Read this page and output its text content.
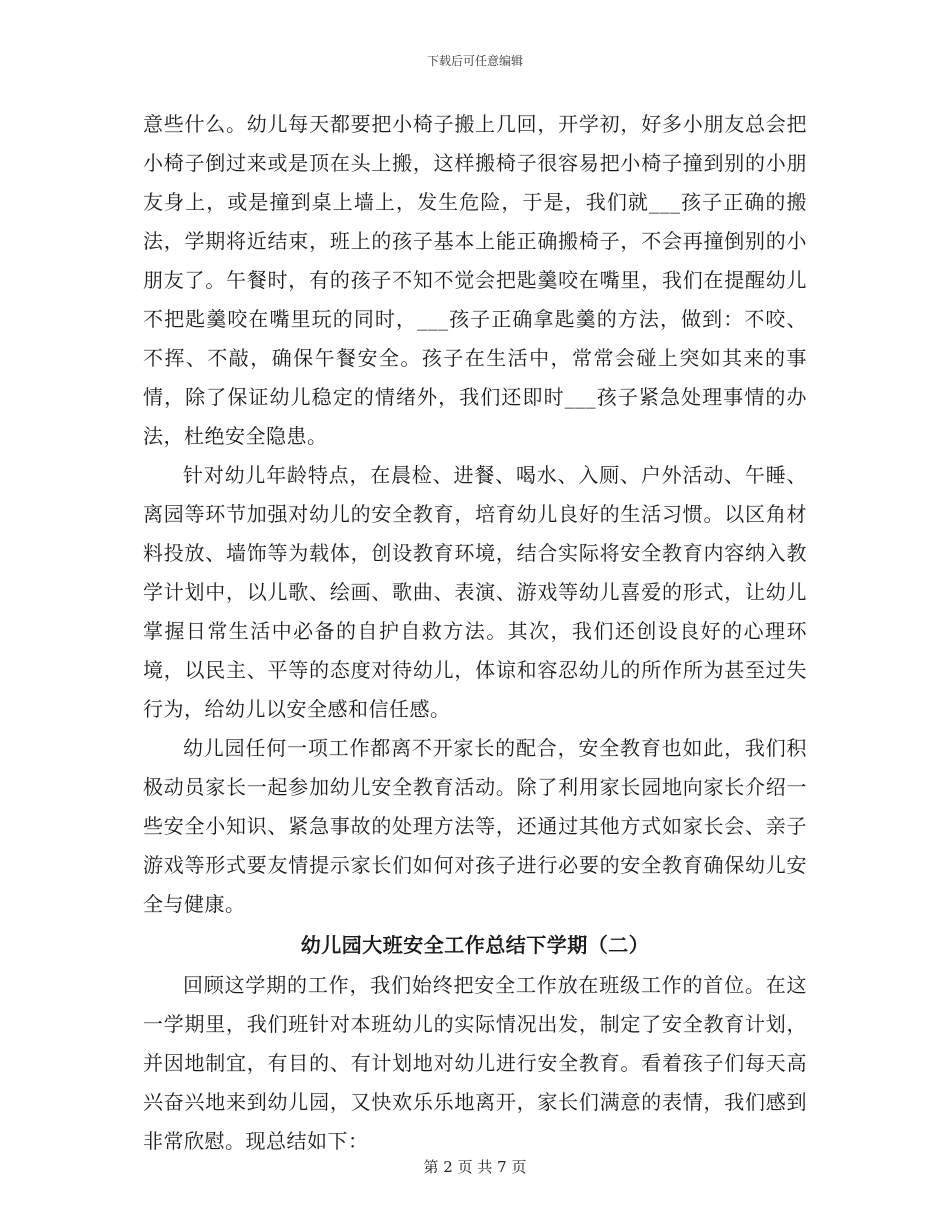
下载后可任意编辑

意些什么。幼儿每天都要把小椅子搬上几回，开学初，好多小朋友总会把小椅子倒过来或是顶在头上搬，这样搬椅子很容易把小椅子撞到别的小朋友身上，或是撞到桌上墙上，发生危险，于是，我们就___孩子正确的搬法，学期将近结束，班上的孩子基本上能正确搬椅子，不会再撞倒别的小朋友了。午餐时，有的孩子不知不觉会把匙羹咬在嘴里，我们在提醒幼儿不把匙羹咬在嘴里玩的同时，___孩子正确拿匙羹的方法，做到：不咬、不挥、不敲，确保午餐安全。孩子在生活中，常常会碰上突如其来的事情，除了保证幼儿稳定的情绪外，我们还即时___孩子紧急处理事情的办法，杜绝安全隐患。

针对幼儿年龄特点，在晨检、进餐、喝水、入厕、户外活动、午睡、离园等环节加强对幼儿的安全教育，培育幼儿良好的生活习惯。以区角材料投放、墙饰等为载体，创设教育环境，结合实际将安全教育内容纳入教学计划中，以儿歌、绘画、歌曲、表演、游戏等幼儿喜爱的形式，让幼儿掌握日常生活中必备的自护自救方法。其次，我们还创设良好的心理环境，以民主、平等的态度对待幼儿，体谅和容忍幼儿的所作所为甚至过失行为，给幼儿以安全感和信任感。

幼儿园任何一项工作都离不开家长的配合，安全教育也如此，我们积极动员家长一起参加幼儿安全教育活动。除了利用家长园地向家长介绍一些安全小知识、紧急事故的处理方法等，还通过其他方式如家长会、亲子游戏等形式要友情提示家长们如何对孩子进行必要的安全教育确保幼儿安全与健康。

幼儿园大班安全工作总结下学期（二）

回顾这学期的工作，我们始终把安全工作放在班级工作的首位。在这一学期里，我们班针对本班幼儿的实际情况出发，制定了安全教育计划，并因地制宜，有目的、有计划地对幼儿进行安全教育。看着孩子们每天高兴奋兴地来到幼儿园，又快欢乐乐地离开，家长们满意的表情，我们感到非常欣慰。现总结如下：

第 2 页 共 7 页
